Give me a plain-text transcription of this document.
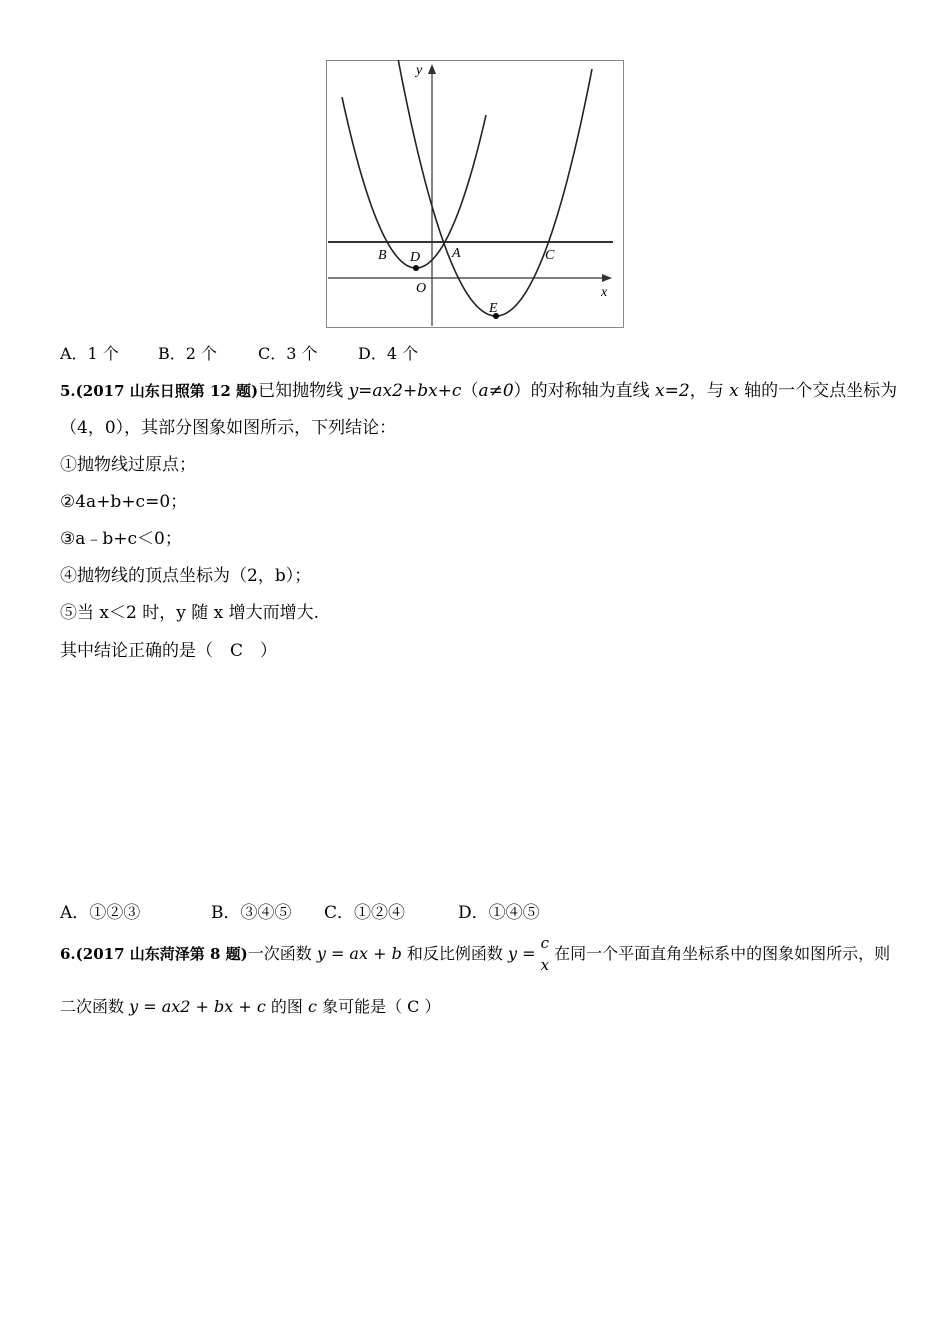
y
x
O
B D A	C
E
A．1 个 B．2 个	C．3 个	D．4 个
5.(2017 山东日照第 12 题)已知抛物线 y=ax2+bx+c（a≠0）的对称轴为直线 x=2，与 x 轴的一个交点坐标为
（4，0），其部分图象如图所示，下列结论：
①抛物线过原点；
②4a+b+c=0；
③a﹣b+c＜0；
④抛物线的顶点坐标为（2，b）；
⑤当 x＜2 时，y 随 x 增大而增大.
其中结论正确的是（　C　）
A．①②③	B．③④⑤ C．①②④	D．①④⑤
6.(2017 山东菏泽第 8 题)一次函数 y = ax + b 和反比例函数 y =
c
x
在同一个平面直角坐标系中的图象如图所示，则
二次函数 y = ax2 + bx + c 的图 c 象可能是（ C ）
